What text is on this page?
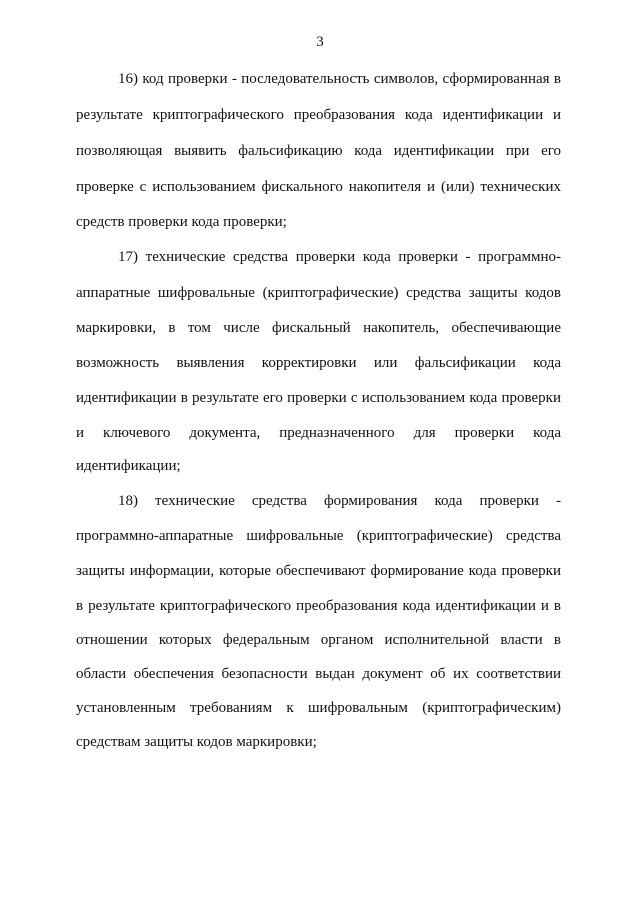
3
16) код проверки - последовательность символов, сформированная в
результате криптографического преобразования кода идентификации и
позволяющая выявить фальсификацию кода идентификации при его
проверке с использованием фискального накопителя и (или) технических
средств проверки кода проверки;
17) технические средства проверки кода проверки - программно-
аппаратные шифровальные (криптографические) средства защиты кодов
маркировки, в том числе фискальный накопитель, обеспечивающие
возможность выявления корректировки или фальсификации кода
идентификации в результате его проверки с использованием кода проверки
и ключевого документа, предназначенного для проверки кода
идентификации;
18) технические средства формирования кода проверки -
программно-аппаратные шифровальные (криптографические) средства
защиты информации, которые обеспечивают формирование кода проверки
в результате криптографического преобразования кода идентификации и в
отношении которых федеральным органом исполнительной власти в
области обеспечения безопасности выдан документ об их соответствии
установленным требованиям к шифровальным (криптографическим)
средствам защиты кодов маркировки;
